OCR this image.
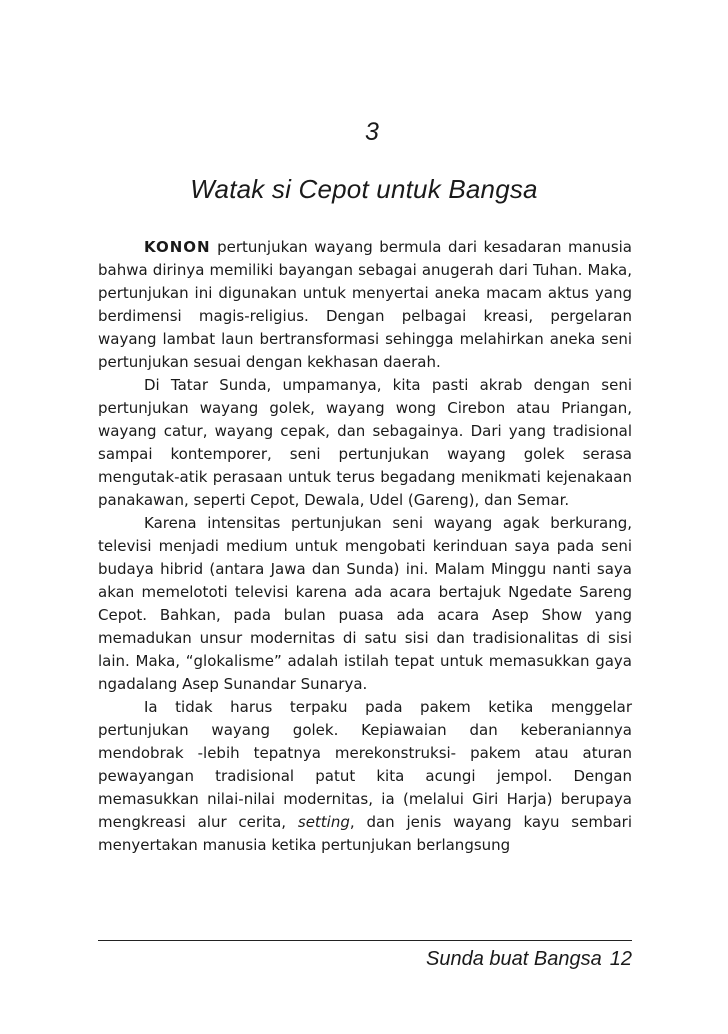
3
Watak si Cepot untuk Bangsa

KONON pertunjukan wayang bermula dari kesadaran manusia bahwa dirinya memiliki bayangan sebagai anugerah dari Tuhan. Maka, pertunjukan ini digunakan untuk menyertai aneka macam aktus yang berdimensi magis-religius. Dengan pelbagai kreasi, pergelaran wayang lambat laun bertransformasi sehingga melahirkan aneka seni pertunjukan sesuai dengan kekhasan daerah.

Di Tatar Sunda, umpamanya, kita pasti akrab dengan seni pertunjukan wayang golek, wayang wong Cirebon atau Priangan, wayang catur, wayang cepak, dan sebagainya. Dari yang tradisional sampai kontemporer, seni pertunjukan wayang golek serasa mengutak-atik perasaan untuk terus begadang menikmati kejenakaan panakawan, seperti Cepot, Dewala, Udel (Gareng), dan Semar.

Karena intensitas pertunjukan seni wayang agak berkurang, televisi menjadi medium untuk mengobati kerinduan saya pada seni budaya hibrid (antara Jawa dan Sunda) ini. Malam Minggu nanti saya akan memelototi televisi karena ada acara bertajuk Ngedate Sareng Cepot. Bahkan, pada bulan puasa ada acara Asep Show yang memadukan unsur modernitas di satu sisi dan tradisionalitas di sisi lain. Maka, “glokalisme” adalah istilah tepat untuk memasukkan gaya ngadalang Asep Sunandar Sunarya.

Ia tidak harus terpaku pada pakem ketika menggelar pertunjukan wayang golek. Kepiawaian dan keberaniannya mendobrak -lebih tepatnya merekonstruksi- pakem atau aturan pewayangan tradisional patut kita acungi jempol. Dengan memasukkan nilai-nilai modernitas, ia (melalui Giri Harja) berupaya mengkreasi alur cerita, setting, dan jenis wayang kayu sembari menyertakan manusia ketika pertunjukan berlangsung

Sunda buat Bangsa 12
